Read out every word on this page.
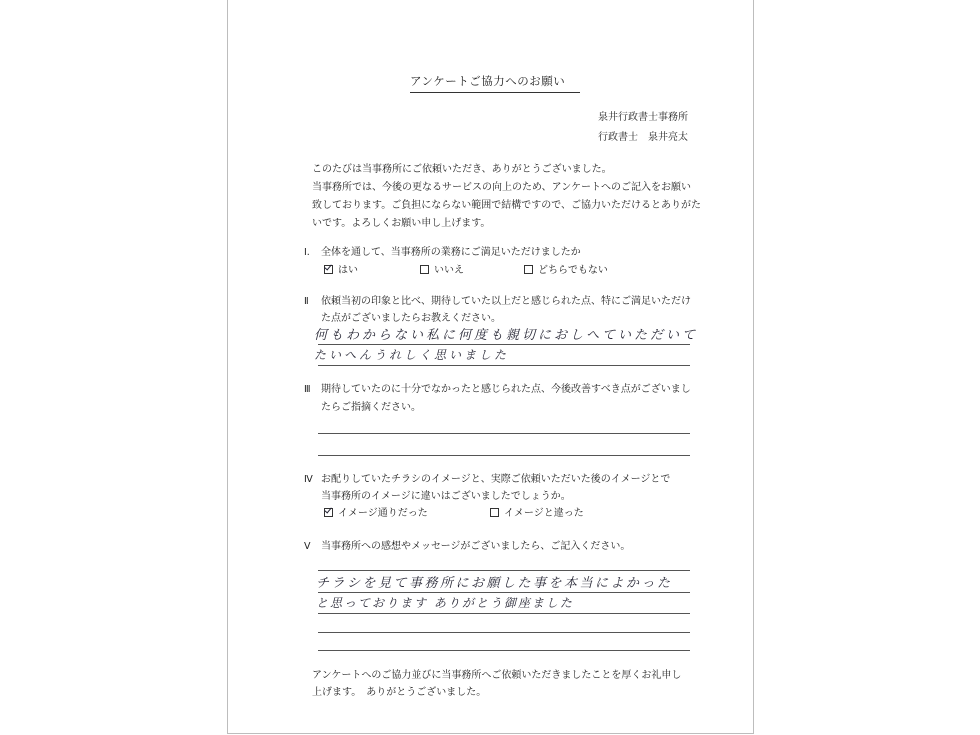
アンケートご協力へのお願い
泉井行政書士事務所
行政書士　泉井亮太
このたびは当事務所にご依頼いただき、ありがとうございました。
当事務所では、今後の更なるサービスの向上のため、アンケートへのご記入をお願い
致しております。ご負担にならない範囲で結構ですので、ご協力いただけるとありがた
いです。よろしくお願い申し上げます。
Ⅰ. 全体を通して、当事務所の業務にご満足いただけましたか
はい	いいえ	どちらでもない
Ⅱ 依頼当初の印象と比べ、期待していた以上だと感じられた点、特にご満足いただけ
た点がございましたらお教えください。
何もわからない私に何度も親切におしへていただいて
たいへんうれしく思いました
Ⅲ 期待していたのに十分でなかったと感じられた点、今後改善すべき点がございまし
たらご指摘ください。
Ⅳ お配りしていたチラシのイメージと、実際ご依頼いただいた後のイメージとで
当事務所のイメージに違いはございましたでしょうか。
イメージ通りだった	イメージと違った
Ⅴ 当事務所への感想やメッセージがございましたら、ご記入ください。
チラシを見て事務所にお願した事を本当によかった
と思っております ありがとう御座ました
アンケートへのご協力並びに当事務所へご依頼いただきましたことを厚くお礼申し
上げます。　ありがとうございました。
